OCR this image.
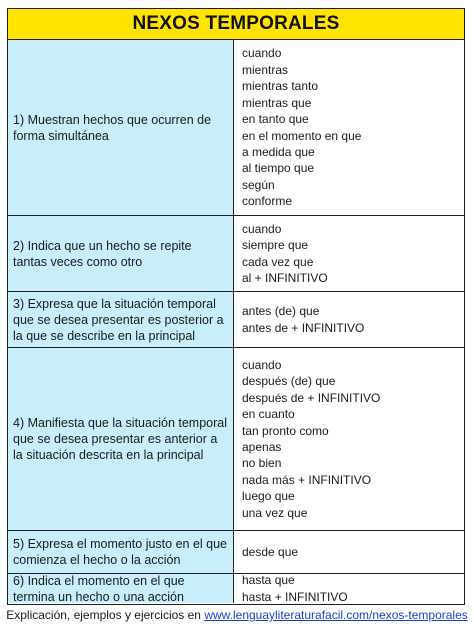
NEXOS TEMPORALES
1) Muestran hechos que ocurren de forma simultánea
cuando
mientras
mientras tanto
mientras que
en tanto que
en el momento en que
a medida que
al tiempo que
según
conforme
2) Indica que un hecho se repite tantas veces como otro
cuando
siempre que
cada vez que
al + INFINITIVO
3) Expresa que la situación temporal que se desea presentar es posterior a la que se describe en la principal
antes (de) que
antes de + INFINITIVO
4) Manifiesta que la situación temporal que se desea presentar es anterior a la situación descrita en la principal
cuando
después (de) que
después de + INFINITIVO
en cuanto
tan pronto como
apenas
no bien
nada más + INFINITIVO
luego que
una vez que
5) Expresa el momento justo en el que comienza el hecho o la acción
desde que
6) Indica el momento en el que termina un hecho o una acción
hasta que
hasta + INFINITIVO
Explicación, ejemplos y ejercicios en www.lenguayliteraturafacil.com/nexos-temporales
